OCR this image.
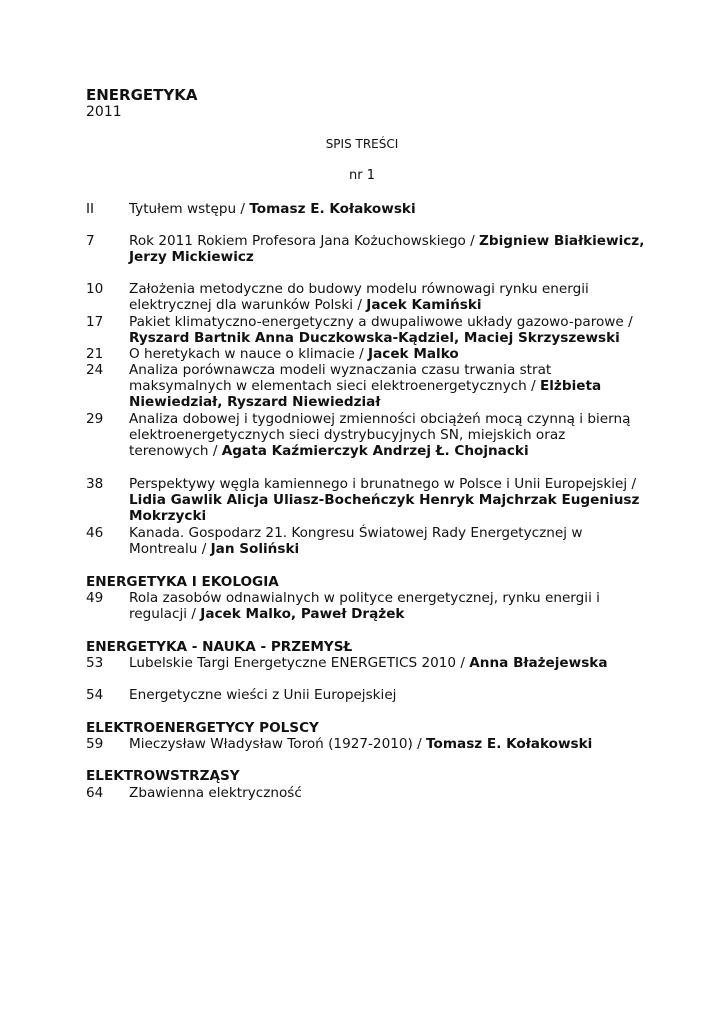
ENERGETYKA
2011
SPIS TREŚCI
nr 1
II	Tytułem wstępu / Tomasz E. Kołakowski
7	Rok 2011 Rokiem Profesora Jana Kożuchowskiego / Zbigniew Białkiewicz, Jerzy Mickiewicz
10	Założenia metodyczne do budowy modelu równowagi rynku energii elektrycznej dla warunków Polski / Jacek Kamiński
17	Pakiet klimatyczno-energetyczny a dwupaliwowe układy gazowo-parowe / Ryszard Bartnik Anna Duczkowska-Kądziel, Maciej Skrzyszewski
21	O heretykach w nauce o klimacie / Jacek Malko
24	Analiza porównawcza modeli wyznaczania czasu trwania strat maksymalnych w elementach sieci elektroenergetycznych / Elżbieta Niewiedział, Ryszard Niewiedział
29	Analiza dobowej i tygodniowej zmienności obciążeń mocą czynną i bierną elektroenergetycznych sieci dystrybucyjnych SN, miejskich oraz terenowych / Agata Kaźmierczyk Andrzej Ł. Chojnacki
38	Perspektywy węgla kamiennego i brunatnego w Polsce i Unii Europejskiej / Lidia Gawlik Alicja Uliasz-Bocheńczyk Henryk Majchrzak Eugeniusz Mokrzycki
46	Kanada. Gospodarz 21. Kongresu Światowej Rady Energetycznej w Montrealu / Jan Soliński
ENERGETYKA I EKOLOGIA
49	Rola zasobów odnawialnych w polityce energetycznej, rynku energii i regulacji / Jacek Malko, Paweł Drążek
ENERGETYKA - NAUKA - PRZEMYSŁ
53	Lubelskie Targi Energetyczne ENERGETICS 2010 / Anna Błażejewska
54	Energetyczne wieści z Unii Europejskiej
ELEKTROENERGETYCY POLSCY
59	Mieczysław Władysław Toroń (1927-2010) / Tomasz E. Kołakowski
ELEKTROWSTRZĄSY
64	Zbawienna elektryczność
